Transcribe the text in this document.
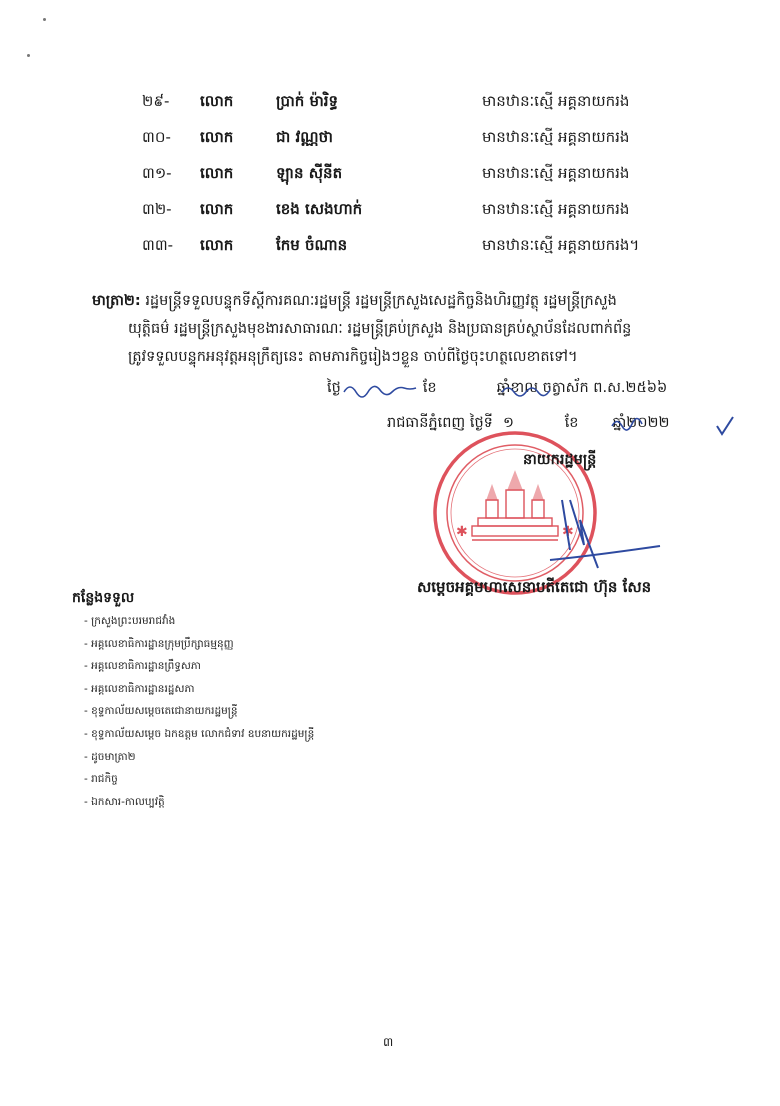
២៩- លោក	ប្រាក់ ម៉ារិទ្ធ	មានឋានៈស្មើ អគ្គនាយករង
៣០- លោក	ជា វណ្ណថា	មានឋានៈស្មើ អគ្គនាយករង
៣១- លោក	ឡុាន ស៊ីនីត	មានឋានៈស្មើ អគ្គនាយករង
៣២- លោក	ខេង សេងហាក់	មានឋានៈស្មើ អគ្គនាយករង
៣៣- លោក	កែម ចំណាន	មានឋានៈស្មើ អគ្គនាយករង។

មាត្រា២: រដ្ឋមន្ត្រីទទួលបន្ទុកទីស្តីការគណៈរដ្ឋមន្ត្រី រដ្ឋមន្ត្រីក្រសួងសេដ្ឋកិច្ចនិងហិរញ្ញវត្ថុ រដ្ឋមន្ត្រីក្រសួង

យុត្តិធម៌ រដ្ឋមន្ត្រីក្រសួងមុខងារសាធារណៈ រដ្ឋមន្ត្រីគ្រប់ក្រសួង និងប្រធានគ្រប់ស្ថាប័នដែលពាក់ព័ន្ធ

ត្រូវទទួលបន្ទុកអនុវត្តអនុក្រឹត្យនេះ តាមភារកិច្ចរៀងៗខ្លួន ចាប់ពីថ្ងៃចុះហត្ថលេខាតទៅ។

ថ្ងៃ	ខែ	ឆ្នាំខាល ចត្វាស័ក ព.ស.២៥៦៦
រាជធានីភ្នំពេញ ថ្ងៃទី ១	ខែ ឆ្នាំ២០២២
✱	✱
នាយករដ្ឋមន្ត្រី
សម្តេចអគ្គមហាសេនាបតីតេជោ ហ៊ុន សែន
កន្លែងទទួល
- ក្រសួងព្រះបរមរាជវាំង
- អគ្គលេខាធិការដ្ឋានក្រុមប្រឹក្សាធម្មនុញ្ញ
- អគ្គលេខាធិការដ្ឋានព្រឹទ្ធសភា
- អគ្គលេខាធិការដ្ឋានរដ្ឋសភា
- ខុទ្ទកាល័យសម្តេចតេជោនាយករដ្ឋមន្ត្រី
- ខុទ្ទកាល័យសម្តេច ឯកឧត្តម លោកជំទាវ ឧបនាយករដ្ឋមន្ត្រី
- ដូចមាត្រា២
- រាជកិច្ច
- ឯកសារ-កាលប្បវត្តិ
៣
